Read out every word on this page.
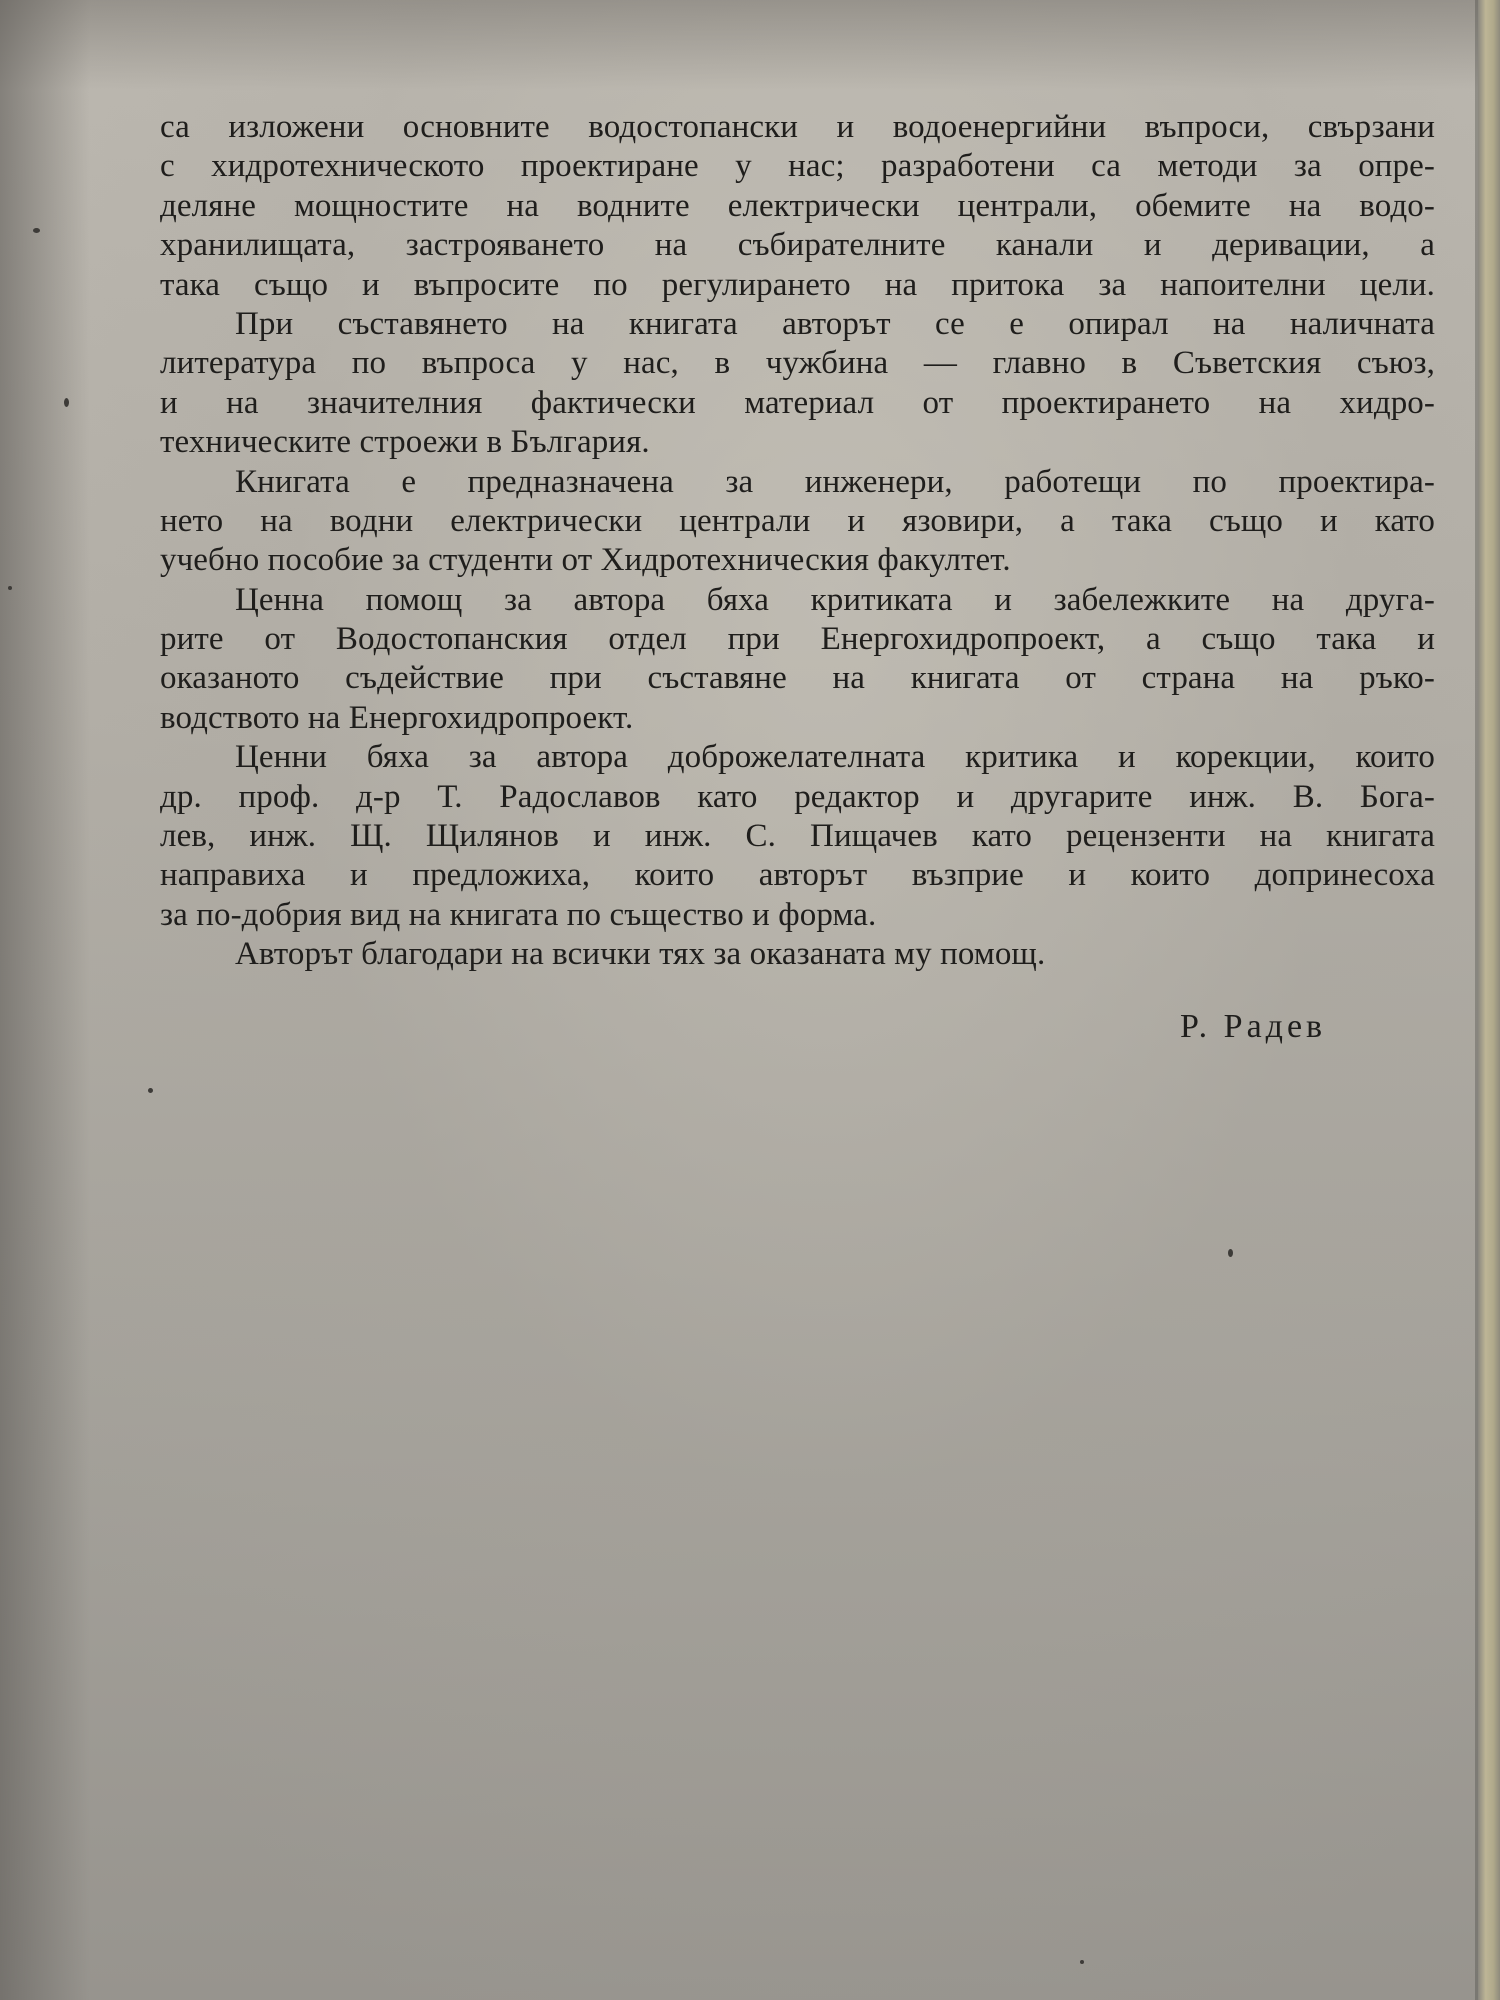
са изложени основните водостопански и водоенергийни въпроси, свързани
с хидротехническото проектиране у нас; разработени са методи за опре-
деляне мощностите на водните електрически централи, обемите на водо-
хранилищата, застрояването на събирателните канали и деривации, а
така също и въпросите по регулирането на притока за напоителни цели.
При съставянето на книгата авторът се е опирал на наличната
литература по въпроса у нас, в чужбина — главно в Съветския съюз,
и на значителния фактически материал от проектирането на хидро-
техническите строежи в България.
Книгата е предназначена за инженери, работещи по проектира-
нето на водни електрически централи и язовири, а така също и като
учебно пособие за студенти от Хидротехническия факултет.
Ценна помощ за автора бяха критиката и забележките на друга-
рите от Водостопанския отдел при Енергохидропроект, а също така и
оказаното съдействие при съставяне на книгата от страна на ръко-
водството на Енергохидропроект.
Ценни бяха за автора доброжелателната критика и корекции, които
др. проф. д-р Т. Радославов като редактор и другарите инж. В. Бога-
лев, инж. Щ. Щилянов и инж. С. Пищачев като рецензенти на книгата
направиха и предложиха, които авторът възприе и които допринесоха
за по-добрия вид на книгата по същество и форма.
Авторът благодари на всички тях за оказаната му помощ.
Р. Радев
